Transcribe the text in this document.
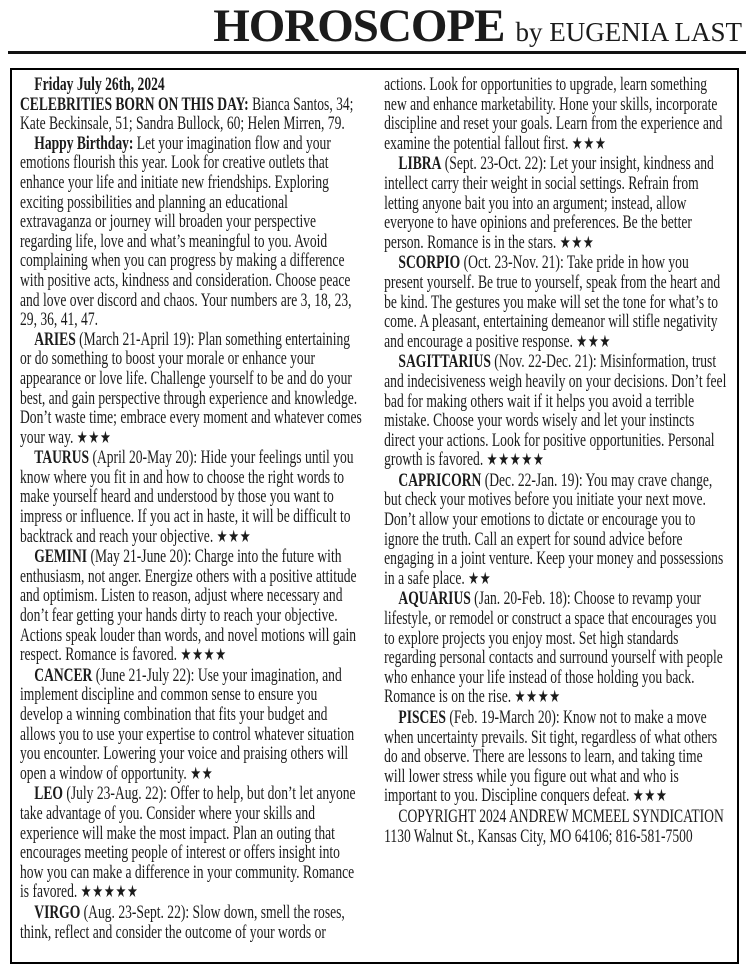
HOROSCOPE by EUGENIA LAST

Friday July 26th, 2024

CELEBRITIES BORN ON THIS DAY: Bianca Santos, 34; Kate Beckinsale, 51; Sandra Bullock, 60; Helen Mirren, 79.

Happy Birthday: Let your imagination flow and your emotions flourish this year. Look for creative outlets that enhance your life and initiate new friendships. Exploring exciting possibilities and planning an educational extravaganza or journey will broaden your perspective regarding life, love and what’s meaningful to you. Avoid complaining when you can progress by making a difference with positive acts, kindness and consideration. Choose peace and love over discord and chaos. Your numbers are 3, 18, 23, 29, 36, 41, 47.

ARIES (March 21-April 19): Plan something entertaining or do something to boost your morale or enhance your appearance or love life. Challenge yourself to be and do your best, and gain perspective through experience and knowledge. Don’t waste time; embrace every moment and whatever comes your way. ★★★

TAURUS (April 20-May 20): Hide your feelings until you know where you fit in and how to choose the right words to make yourself heard and understood by those you want to impress or influence. If you act in haste, it will be difficult to backtrack and reach your objective. ★★★

GEMINI (May 21-June 20): Charge into the future with enthusiasm, not anger. Energize others with a positive attitude and optimism. Listen to reason, adjust where necessary and don’t fear getting your hands dirty to reach your objective. Actions speak louder than words, and novel motions will gain respect. Romance is favored. ★★★★

CANCER (June 21-July 22): Use your imagination, and implement discipline and common sense to ensure you develop a winning combination that fits your budget and allows you to use your expertise to control whatever situation you encounter. Lowering your voice and praising others will open a window of opportunity. ★★

LEO (July 23-Aug. 22): Offer to help, but don’t let anyone take advantage of you. Consider where your skills and experience will make the most impact. Plan an outing that encourages meeting people of interest or offers insight into how you can make a difference in your community. Romance is favored. ★★★★★

VIRGO (Aug. 23-Sept. 22): Slow down, smell the roses, think, reflect and consider the outcome of your words or actions. Look for opportunities to upgrade, learn something new and enhance marketability. Hone your skills, incorporate discipline and reset your goals. Learn from the experience and examine the potential fallout first. ★★★

LIBRA (Sept. 23-Oct. 22): Let your insight, kindness and intellect carry their weight in social settings. Refrain from letting anyone bait you into an argument; instead, allow everyone to have opinions and preferences. Be the better person. Romance is in the stars. ★★★

SCORPIO (Oct. 23-Nov. 21): Take pride in how you present yourself. Be true to yourself, speak from the heart and be kind. The gestures you make will set the tone for what’s to come. A pleasant, entertaining demeanor will stifle negativity and encourage a positive response. ★★★

SAGITTARIUS (Nov. 22-Dec. 21): Misinformation, trust and indecisiveness weigh heavily on your decisions. Don’t feel bad for making others wait if it helps you avoid a terrible mistake. Choose your words wisely and let your instincts direct your actions. Look for positive opportunities. Personal growth is favored. ★★★★★

CAPRICORN (Dec. 22-Jan. 19): You may crave change, but check your motives before you initiate your next move. Don’t allow your emotions to dictate or encourage you to ignore the truth. Call an expert for sound advice before engaging in a joint venture. Keep your money and possessions in a safe place. ★★

AQUARIUS (Jan. 20-Feb. 18): Choose to revamp your lifestyle, or remodel or construct a space that encourages you to explore projects you enjoy most. Set high standards regarding personal contacts and surround yourself with people who enhance your life instead of those holding you back. Romance is on the rise. ★★★★

PISCES (Feb. 19-March 20): Know not to make a move when uncertainty prevails. Sit tight, regardless of what others do and observe. There are lessons to learn, and taking time will lower stress while you figure out what and who is important to you. Discipline conquers defeat. ★★★

COPYRIGHT 2024 ANDREW MCMEEL SYNDICATION 1130 Walnut St., Kansas City, MO 64106; 816-581-7500
